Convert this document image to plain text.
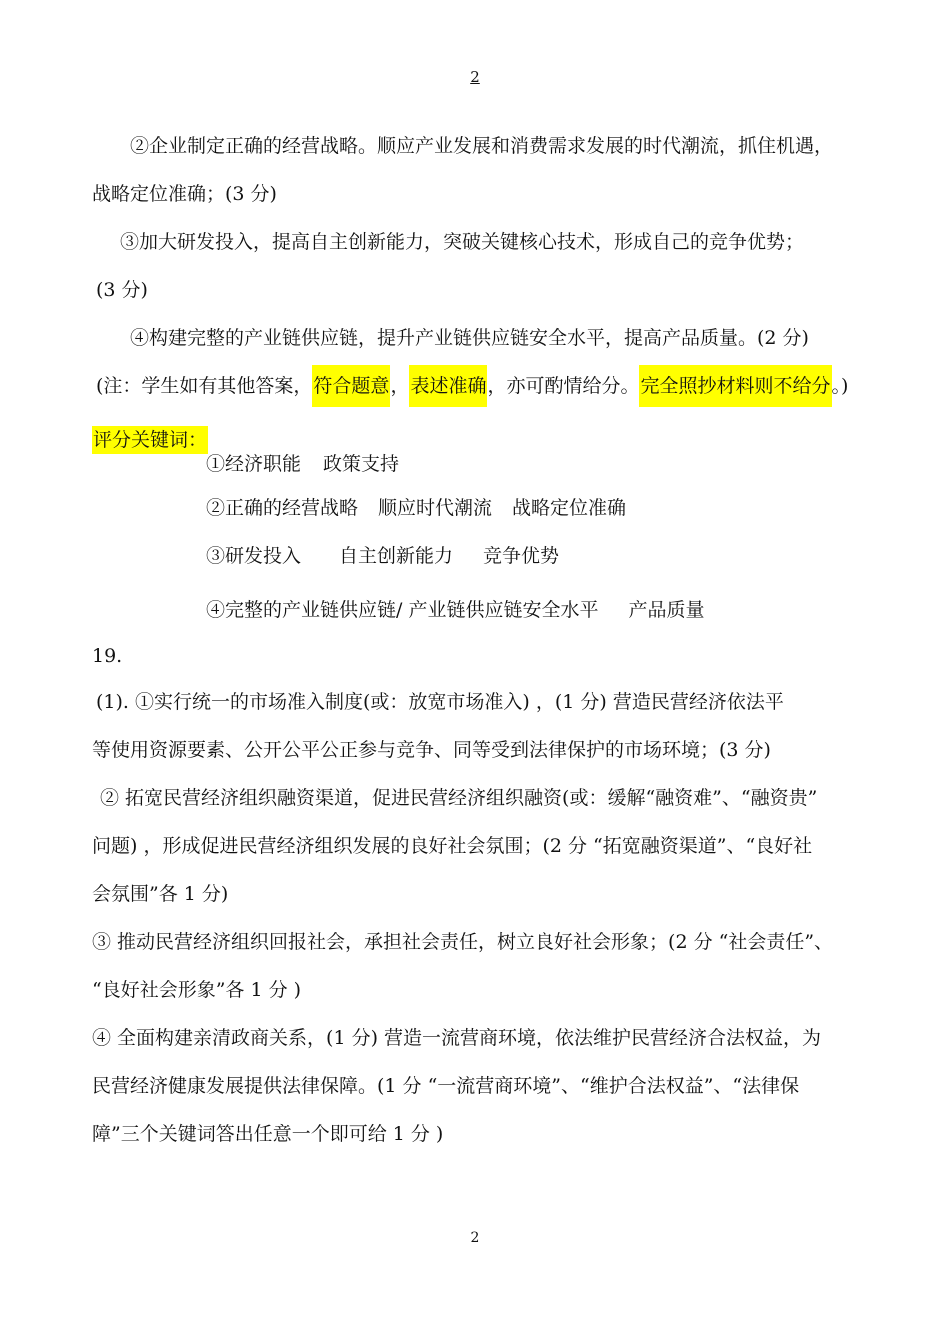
2
②企业制定正确的经营战略。顺应产业发展和消费需求发展的时代潮流，抓住机遇，
战略定位准确；(3 分)
③加大研发投入，提高自主创新能力，突破关键核心技术，形成自己的竞争优势；
(3 分)
④构建完整的产业链供应链，提升产业链供应链安全水平，提高产品质量。(2 分)
(注：学生如有其他答案，符合题意，表述准确，亦可酌情给分。完全照抄材料则不给分。)
评分关键词：
①经济职能 政策支持
②正确的经营战略 顺应时代潮流 战略定位准确
③研发投入 自主创新能力 竞争优势
④完整的产业链供应链/ 产业链供应链安全水平 产品质量
19.
(1). ①实行统一的市场准入制度(或：放宽市场准入) ，(1 分) 营造民营经济依法平
等使用资源要素、公开公平公正参与竞争、同等受到法律保护的市场环境；(3 分)
② 拓宽民营经济组织融资渠道，促进民营经济组织融资(或：缓解“融资难”、“融资贵”
问题) ，形成促进民营经济组织发展的良好社会氛围；(2 分 “拓宽融资渠道”、“良好社
会氛围”各 1 分)
③ 推动民营经济组织回报社会，承担社会责任，树立良好社会形象；(2 分 “社会责任”、
“良好社会形象”各 1 分 )
④ 全面构建亲清政商关系，(1 分) 营造一流营商环境，依法维护民营经济合法权益，为
民营经济健康发展提供法律保障。(1 分 “一流营商环境”、“维护合法权益”、“法律保
障”三个关键词答出任意一个即可给 1 分 )
2
